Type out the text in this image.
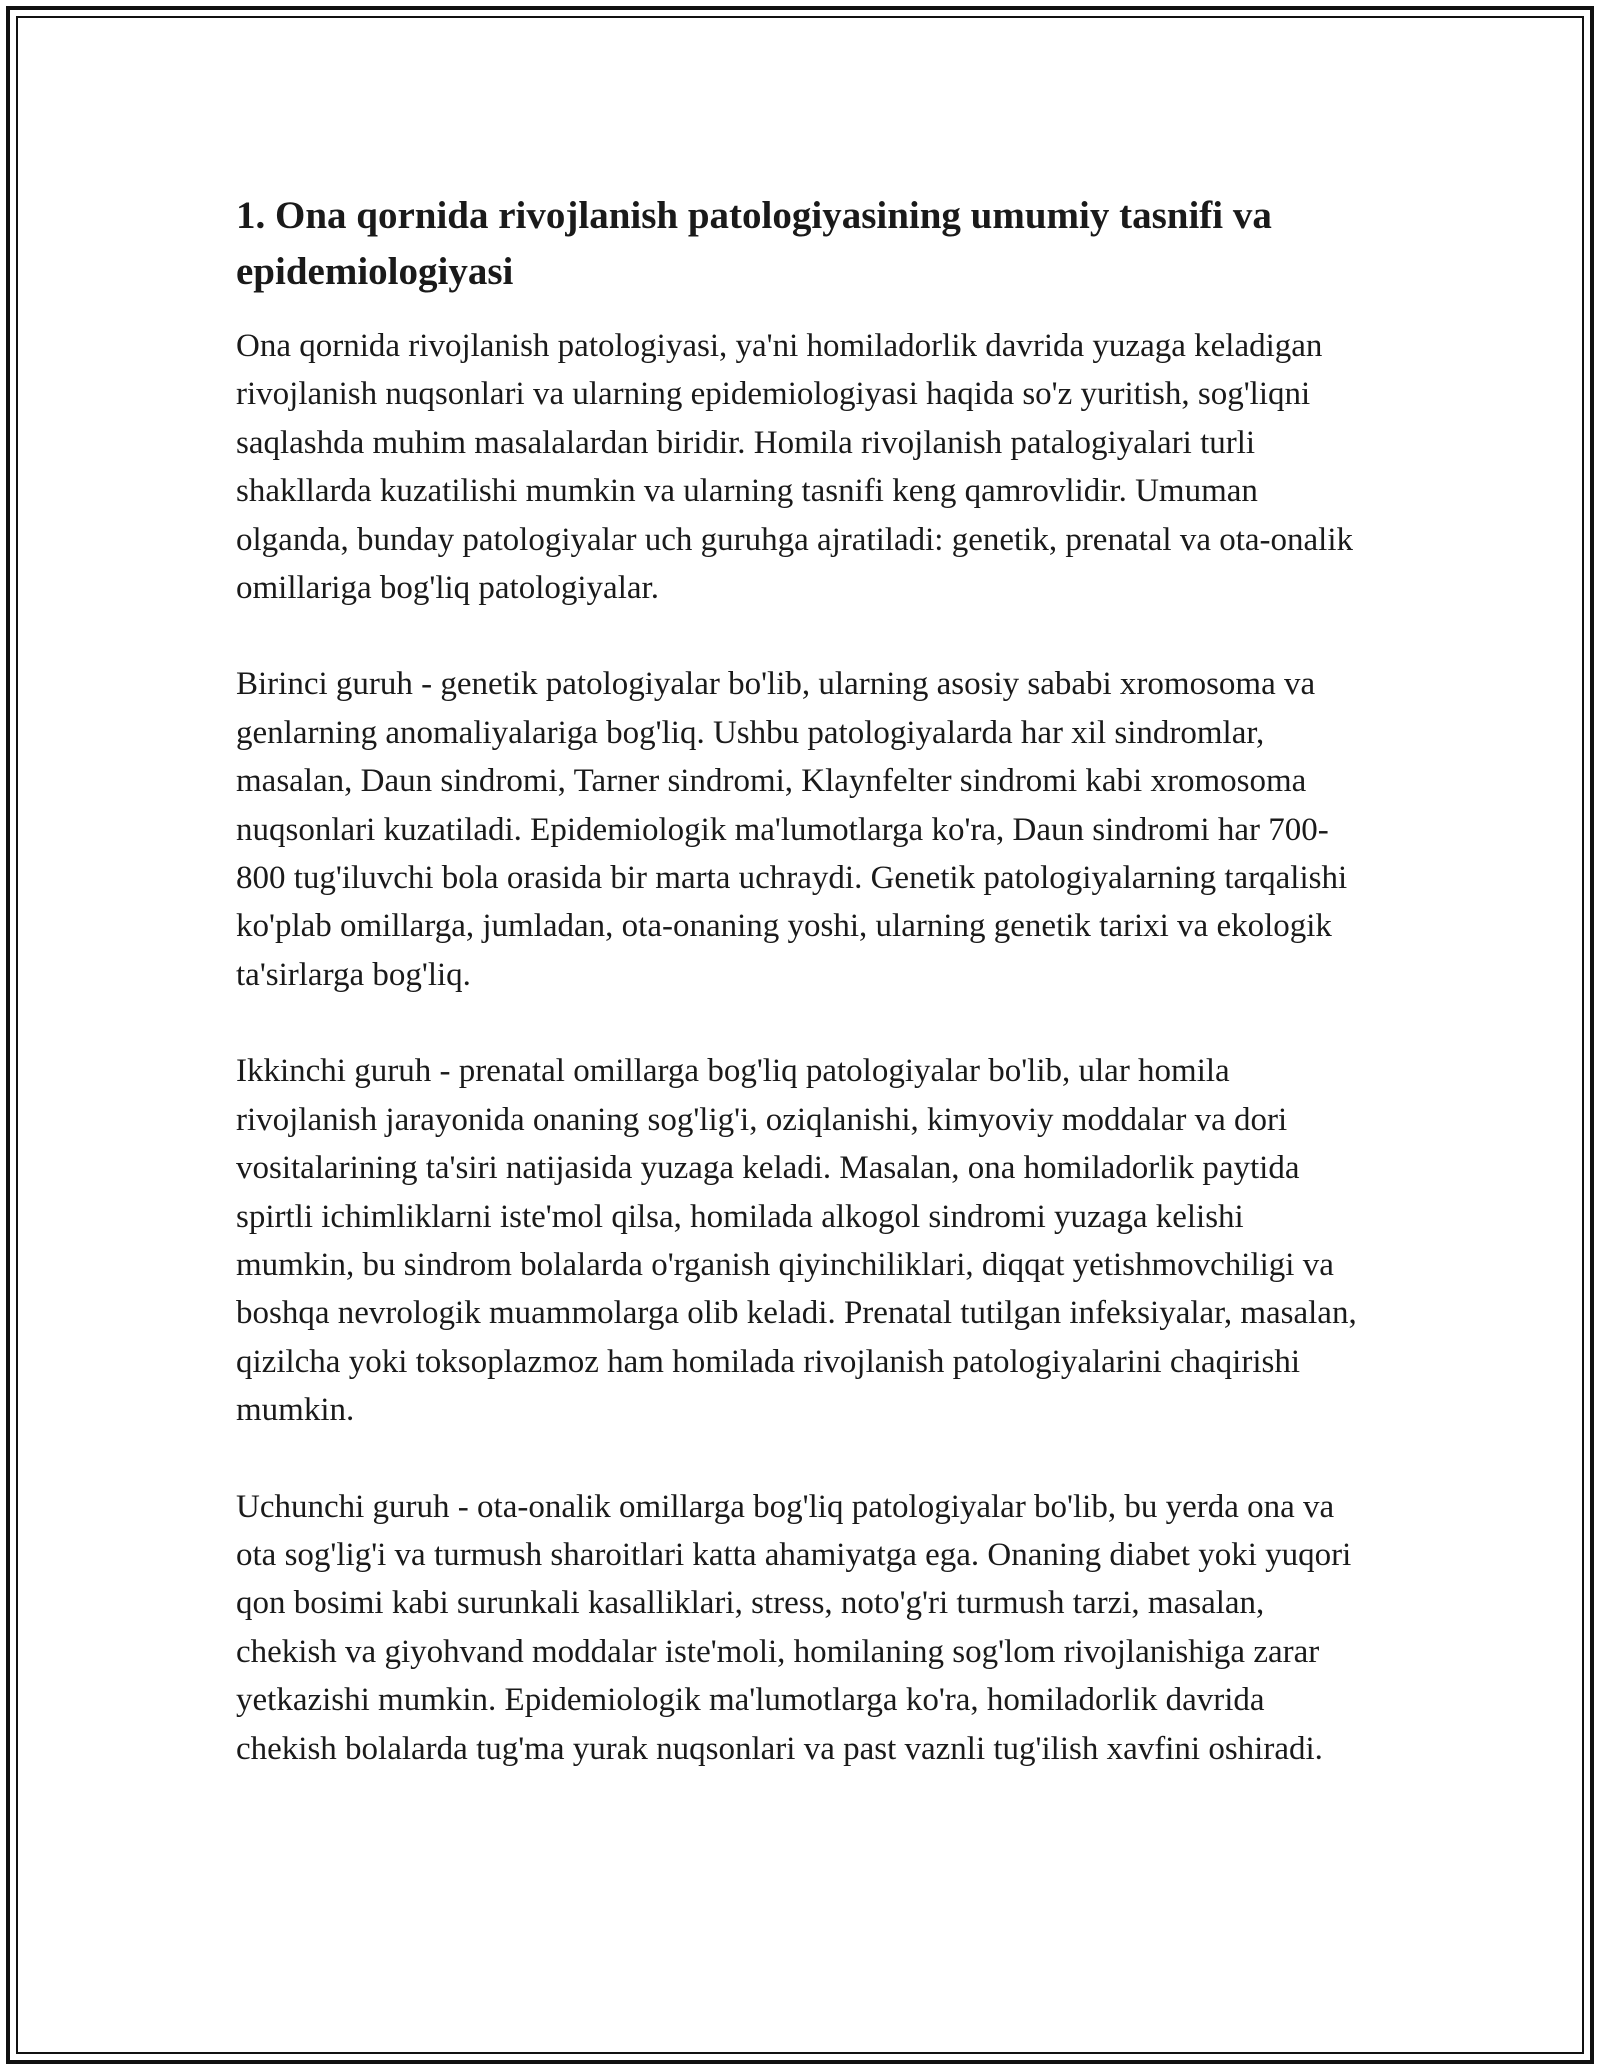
1. Ona qornida rivojlanish patologiyasining umumiy tasnifi va epidemiologiyasi

Ona qornida rivojlanish patologiyasi, ya'ni homiladorlik davrida yuzaga keladigan rivojlanish nuqsonlari va ularning epidemiologiyasi haqida so'z yuritish, sog'liqni saqlashda muhim masalalardan biridir. Homila rivojlanish patalogiyalari turli shakllarda kuzatilishi mumkin va ularning tasnifi keng qamrovlidir. Umuman olganda, bunday patologiyalar uch guruhga ajratiladi: genetik, prenatal va ota-onalik omillariga bog'liq patologiyalar.

Birinci guruh - genetik patologiyalar bo'lib, ularning asosiy sababi xromosoma va genlarning anomaliyalariga bog'liq. Ushbu patologiyalarda har xil sindromlar, masalan, Daun sindromi, Tarner sindromi, Klaynfelter sindromi kabi xromosoma nuqsonlari kuzatiladi. Epidemiologik ma'lumotlarga ko'ra, Daun sindromi har 700-800 tug'iluvchi bola orasida bir marta uchraydi. Genetik patologiyalarning tarqalishi ko'plab omillarga, jumladan, ota-onaning yoshi, ularning genetik tarixi va ekologik ta'sirlarga bog'liq.

Ikkinchi guruh - prenatal omillarga bog'liq patologiyalar bo'lib, ular homila rivojlanish jarayonida onaning sog'lig'i, oziqlanishi, kimyoviy moddalar va dori vositalarining ta'siri natijasida yuzaga keladi. Masalan, ona homiladorlik paytida spirtli ichimliklarni iste'mol qilsa, homilada alkogol sindromi yuzaga kelishi mumkin, bu sindrom bolalarda o'rganish qiyinchiliklari, diqqat yetishmovchiligi va boshqa nevrologik muammolarga olib keladi. Prenatal tutilgan infeksiyalar, masalan, qizilcha yoki toksoplazmoz ham homilada rivojlanish patologiyalarini chaqirishi mumkin.

Uchunchi guruh - ota-onalik omillarga bog'liq patologiyalar bo'lib, bu yerda ona va ota sog'lig'i va turmush sharoitlari katta ahamiyatga ega. Onaning diabet yoki yuqori qon bosimi kabi surunkali kasalliklari, stress, noto'g'ri turmush tarzi, masalan, chekish va giyohvand moddalar iste'moli, homilaning sog'lom rivojlanishiga zarar yetkazishi mumkin. Epidemiologik ma'lumotlarga ko'ra, homiladorlik davrida chekish bolalarda tug'ma yurak nuqsonlari va past vaznli tug'ilish xavfini oshiradi.
